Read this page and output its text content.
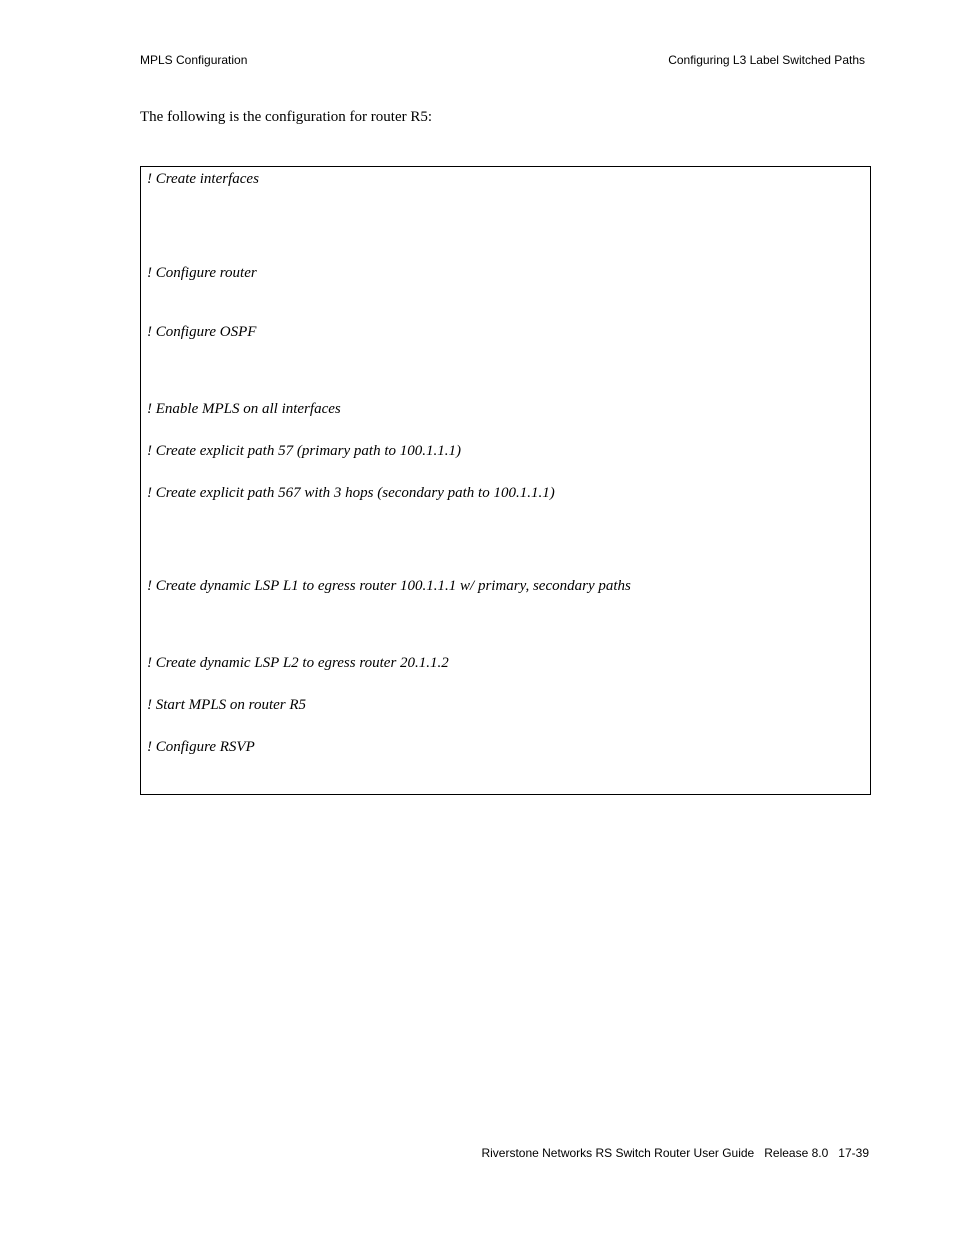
MPLS Configuration	Configuring L3 Label Switched Paths
The following is the configuration for router R5:
! Create interfaces
! Configure router
! Configure OSPF
! Enable MPLS on all interfaces
! Create explicit path 57 (primary path to 100.1.1.1)
! Create explicit path 567 with 3 hops (secondary path to 100.1.1.1)
! Create dynamic LSP L1 to egress router 100.1.1.1 w/ primary, secondary paths
! Create dynamic LSP L2 to egress router 20.1.1.2
! Start MPLS on router R5
! Configure RSVP
Riverstone Networks RS Switch Router User Guide Release 8.0 17-39
